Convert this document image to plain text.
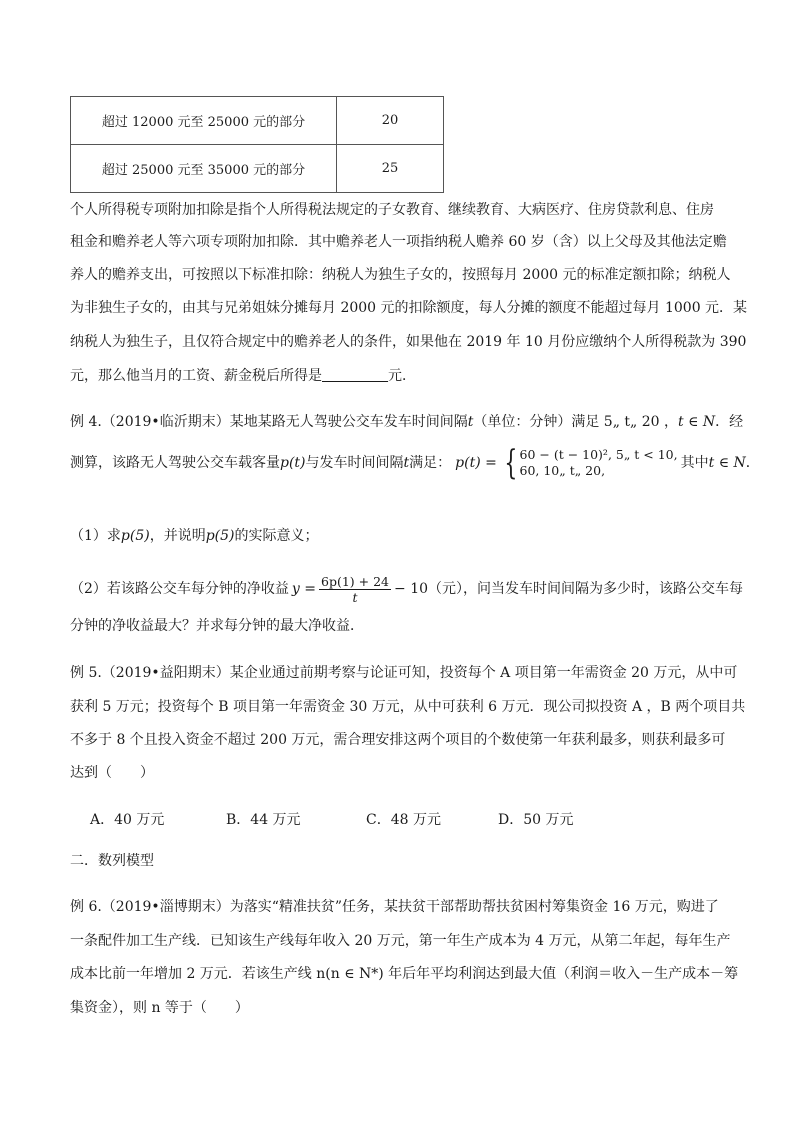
超过 12000 元至 25000 元的部分	20
超过 25000 元至 35000 元的部分	25
个人所得税专项附加扣除是指个人所得税法规定的子女教育、继续教育、大病医疗、住房贷款利息、住房
租金和赡养老人等六项专项附加扣除．其中赡养老人一项指纳税人赡养 60 岁（含）以上父母及其他法定赡
养人的赡养支出，可按照以下标准扣除：纳税人为独生子女的，按照每月 2000 元的标准定额扣除；纳税人
为非独生子女的，由其与兄弟姐妹分摊每月 2000 元的扣除额度，每人分摊的额度不能超过每月 1000 元．某
纳税人为独生子，且仅符合规定中的赡养老人的条件，如果他在 2019 年 10 月份应缴纳个人所得税款为 390
元，那么他当月的工资、薪金税后所得是	元．
例 4.（2019•临沂期末）某地某路无人驾驶公交车发车时间间隔t（单位：分钟）满足 5„ t„ 20 ，t ∈ N．经
测算，该路无人驾驶公交车载客量 p(t) 与发车时间间隔 t 满足： p(t) = { 60 − (t − 10)², 5„ t < 10,
60, 10„ t„ 20,	其中 t ∈ N ．
（1）求p(5)，并说明p(5)的实际意义；
（2）若该路公交车每分钟的净收益 $y = \frac{6p(1) + 24}{t} - 10$（元），问当发车时间间隔为多少时，该路公交车每
分钟的净收益最大？并求每分钟的最大净收益．
例 5.（2019•益阳期末）某企业通过前期考察与论证可知，投资每个 A 项目第一年需资金 20 万元，从中可
获利 5 万元；投资每个 B 项目第一年需资金 30 万元，从中可获利 6 万元．现公司拟投资 A ，B 两个项目共
不多于 8 个且投入资金不超过 200 万元，需合理安排这两个项目的个数使第一年获利最多，则获利最多可
达到（　　）
A．40 万元	B．44 万元	C．48 万元	D．50 万元
二．数列模型
例 6.（2019•淄博期末）为落实“精准扶贫”任务，某扶贫干部帮助帮扶贫困村筹集资金 16 万元，购进了
一条配件加工生产线．已知该生产线每年收入 20 万元，第一年生产成本为 4 万元，从第二年起，每年生产
成本比前一年增加 2 万元．若该生产线 n(n ∈ N*) 年后年平均利润达到最大值（利润＝收入－生产成本－筹
集资金），则 n 等于（　　）
